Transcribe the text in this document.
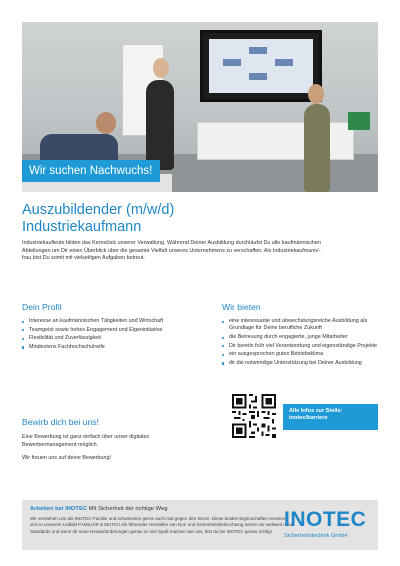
Wir suchen Nachwuchs!
Auszubildender (m/w/d)
Industriekaufmann
Industriekaufleute bilden das Kernstück unserer Verwaltung. Während Deiner Ausbildung durchläufst Du alle kaufmännischen Abteilungen um Dir einen Überblick über die gesamte Vielfalt unseres Unternehmens zu verschaffen. Als Industriekaufmann/-frau bist Du somit mit vielseitigen Aufgaben betreut.
Dein Profil
Interesse an kaufmännischen Tätigkeiten und Wirtschaft
Teamgeist sowie hohes Engagement und Eigeninitiative
Flexibilität und Zuverlässigkeit
Mindestens Fachhochschulreife
Wir bieten
eine interessante und abwechslungsreiche Ausbildung als Grundlage für Deine berufliche Zukunft
die Betreuung durch engagierte, junge Mitarbeiter
Dir bereits früh viel Verantwortung und eigenständige Projekte
ein ausgesprochen gutes Betriebsklima
dir die notwendige Unterstützung bei Deiner Ausbildung
Bewirb dich bei uns!

Eine Bewerbung ist ganz einfach über unser digitales Bewerbermanagement möglich.

Wir freuen uns auf deine Bewerbung!

Alle Infos zur Stelle:
inotec/karriere
Arbeiten bei INOTEC Mit Sicherheit der richtige Weg
Wir verstehen uns als INOTEC-Familie und schwimmen gerne auch mal gegen den Strom. Diese beiden Eigenschaften vereinen sich in unserem Leitbild FAMILIÄR & MUTIG! Als führender Hersteller von Not- und Sicherheitsbeleuchtung setzen wir weltweit neue Standards und wenn dir neue Herausforderungen genau so viel Spaß machen wie uns, bist du bei INOTEC genau richtig!
INOTEC
Sicherheitstechnik GmbH
